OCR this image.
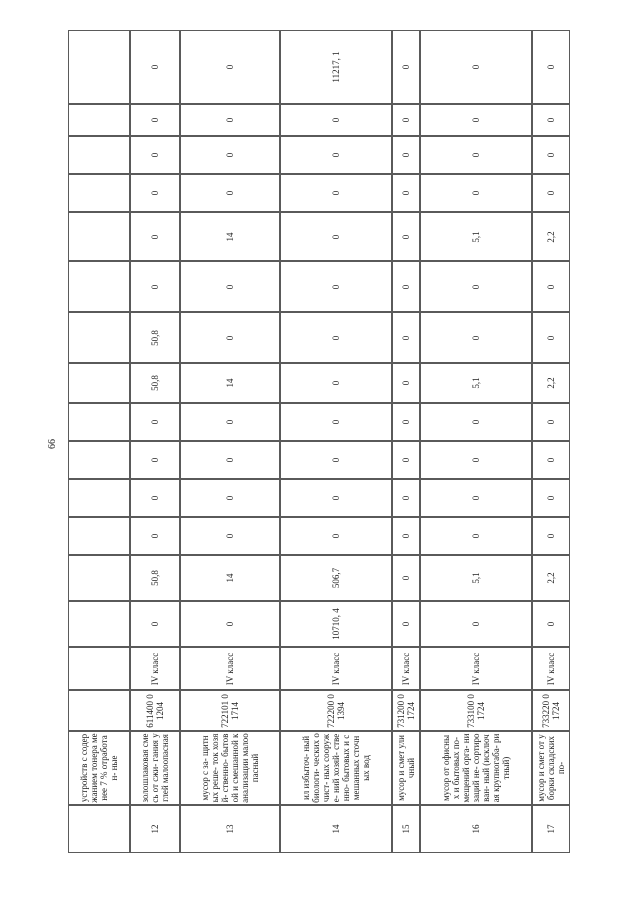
66
устройств с содержанием тонера менее 7 % отработан- ные
12
золошлаковая смесь от сжи- гания углей малоопасная
611400 01204
IV класс
0
50,8
0
0
0
0
50,8
50,8
0
0
0
0
0
0
13
мусор с за- щитных реше- ток хозяй- ственно- бытовой и смешанной канализации малоопасный
722101 01714
IV класс
0
14
0
0
0
0
14
0
0
14
0
0
0
0
14
ил избыточ- ный биологи- ческих очист- ных сооруже- ний хозяй- ственно- бытовых и смешанных сточных вод
722200 01394
IV класс
10710, 4
506,7
0
0
0
0
0
0
0
0
0
0
0
11217, 1
15
мусор и смет уличный
731200 01724
IV класс
0
0
0
0
0
0
0
0
0
0
0
0
0
0
16
мусор от офисных и бытовых по- мещений орга- низаций не- сортирован- ный (исключая крупногаба- ритный)
733100 01724
IV класс
0
5,1
0
0
0
0
5,1
0
0
5,1
0
0
0
0
17
мусор и смет от уборки складских по-
733220 01724
IV класс
0
2,2
0
0
0
0
2,2
0
0
2,2
0
0
0
0
